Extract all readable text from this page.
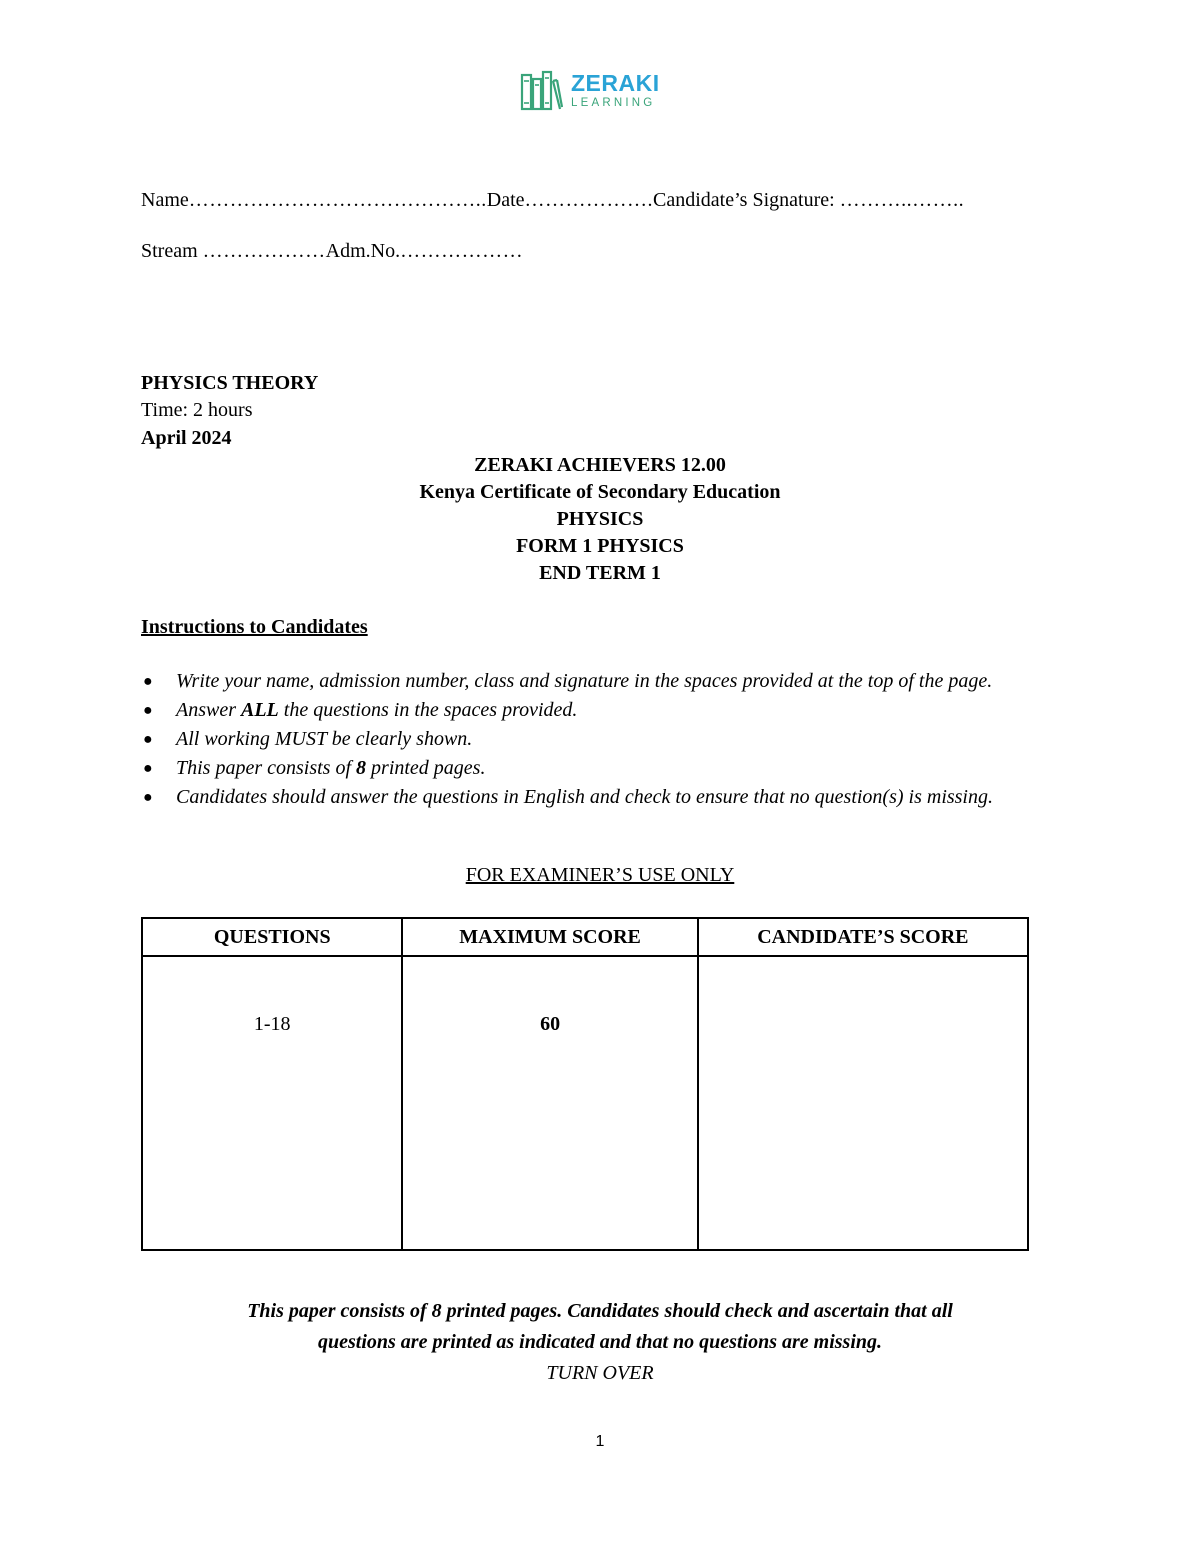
ZERAKI
LEARNING
Name……………………………………..Date……………….Candidate’s Signature: ………..……..
Stream ………………Adm.No.………………
PHYSICS THEORY
Time: 2 hours
April 2024
ZERAKI ACHIEVERS 12.00
Kenya Certificate of Secondary Education
PHYSICS
FORM 1 PHYSICS
END TERM 1
Instructions to Candidates
● Write your name, admission number, class and signature in the spaces provided at the top of the page.
● Answer ALL the questions in the spaces provided.
● All working MUST be clearly shown.
● This paper consists of 8 printed pages.
● Candidates should answer the questions in English and check to ensure that no question(s) is missing.
FOR EXAMINER’S USE ONLY
QUESTIONS	MAXIMUM SCORE	CANDIDATE’S SCORE
1-18	60	
This paper consists of 8 printed pages. Candidates should check and ascertain that all
questions are printed as indicated and that no questions are missing.
TURN OVER
1
